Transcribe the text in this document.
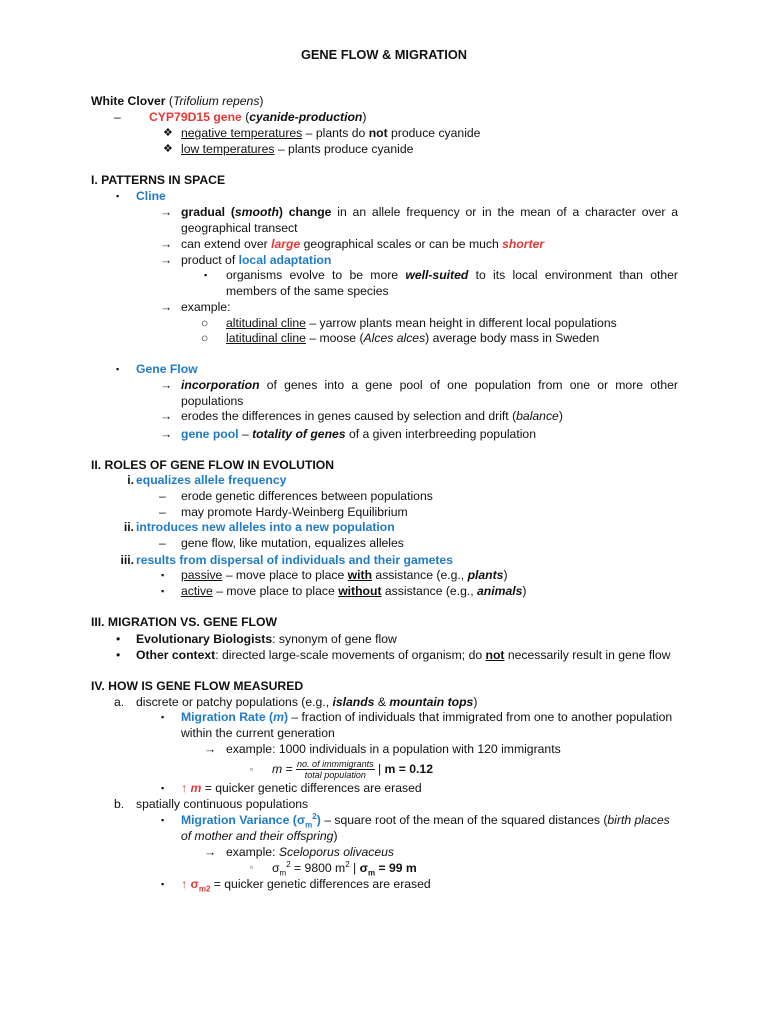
GENE FLOW & MIGRATION
White Clover (Trifolium repens)
– CYP79D15 gene (cyanide-production)
❖ negative temperatures – plants do not produce cyanide
❖ low temperatures – plants produce cyanide
I. PATTERNS IN SPACE
▪ Cline
→ gradual (smooth) change in an allele frequency or in the mean of a character over a geographical transect
→ can extend over large geographical scales or can be much shorter
→ product of local adaptation
▪ organisms evolve to be more well-suited to its local environment than other members of the same species
→ example:
○ altitudinal cline – yarrow plants mean height in different local populations
○ latitudinal cline – moose (Alces alces) average body mass in Sweden
▪ Gene Flow
→ incorporation of genes into a gene pool of one population from one or more other populations
→ erodes the differences in genes caused by selection and drift (balance)
→ gene pool – totality of genes of a given interbreeding population
II. ROLES OF GENE FLOW IN EVOLUTION
i. equalizes allele frequency
– erode genetic differences between populations
– may promote Hardy-Weinberg Equilibrium
ii. introduces new alleles into a new population
– gene flow, like mutation, equalizes alleles
iii. results from dispersal of individuals and their gametes
▪ passive – move place to place with assistance (e.g., plants)
▪ active – move place to place without assistance (e.g., animals)
III. MIGRATION VS. GENE FLOW
• Evolutionary Biologists: synonym of gene flow
• Other context: directed large-scale movements of organism; do not necessarily result in gene flow
IV. HOW IS GENE FLOW MEASURED
a. discrete or patchy populations (e.g., islands & mountain tops)
▪ Migration Rate (m) – fraction of individuals that immigrated from one to another population within the current generation
→ example: 1000 individuals in a population with 120 immigrants
▫ $m = \frac{\text{no. of immmigrants}}{\text{total population}}$ | m = 0.12
▪ ↑ m = quicker genetic differences are erased
b. spatially continuous populations
▪ Migration Variance $(\sigma_m^2)$ – square root of the mean of the squared distances (birth places of mother and their offspring)
→ example: Sceloporus olivaceus
▫ $\sigma_m^2 = 9800$ $m^2$ | $\sigma_m = 99$ m
▪ ↑ $\sigma_{m2}$ = quicker genetic differences are erased
